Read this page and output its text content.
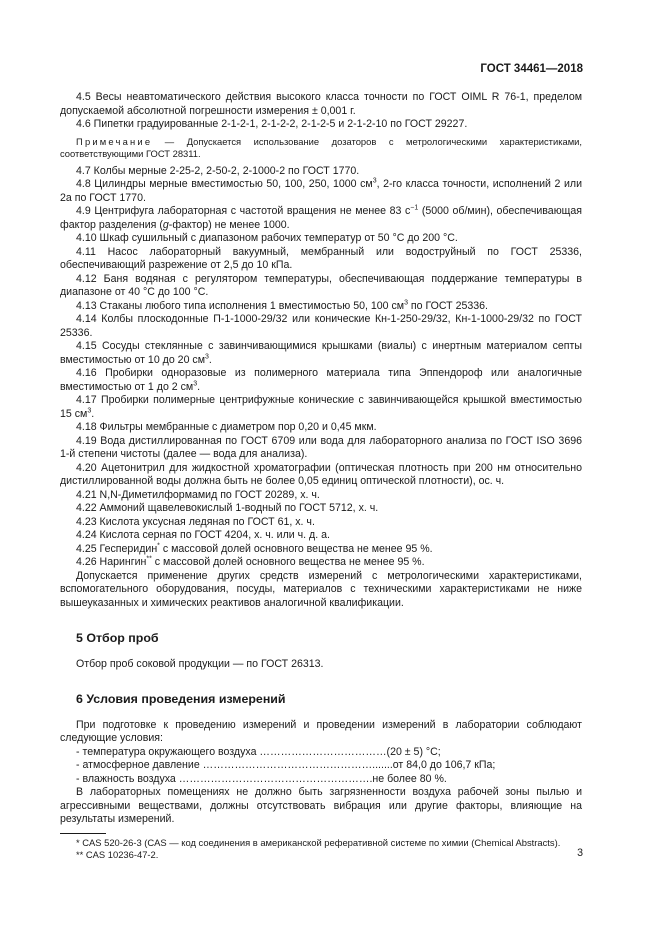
ГОСТ 34461—2018

4.5 Весы неавтоматического действия высокого класса точности по ГОСТ OIML R 76-1, пределом допускаемой абсолютной погрешности измерения ± 0,001 г.

4.6 Пипетки градуированные 2-1-2-1, 2-1-2-2, 2-1-2-5 и 2-1-2-10 по ГОСТ 29227.

Примечание — Допускается использование дозаторов с метрологическими характеристиками, соответствующими ГОСТ 28311.

4.7 Колбы мерные 2-25-2, 2-50-2, 2-1000-2 по ГОСТ 1770.

4.8 Цилиндры мерные вместимостью 50, 100, 250, 1000 $см^3$, 2-го класса точности, исполнений 2 или 2а по ГОСТ 1770.

4.9 Центрифуга лабораторная с частотой вращения не менее 83 $с^{-1}$ (5000 об/мин), обеспечивающая фактор разделения (g-фактор) не менее 1000.

4.10 Шкаф сушильный с диапазоном рабочих температур от 50 °С до 200 °С.

4.11 Насос лабораторный вакуумный, мембранный или водоструйный по ГОСТ 25336, обеспечивающий разрежение от 2,5 до 10 кПа.

4.12 Баня водяная с регулятором температуры, обеспечивающая поддержание температуры в диапазоне от 40 °С до 100 °С.

4.13 Стаканы любого типа исполнения 1 вместимостью 50, 100 $см^3$ по ГОСТ 25336.

4.14 Колбы плоскодонные П-1-1000-29/32 или конические Кн-1-250-29/32, Кн-1-1000-29/32 по ГОСТ 25336.

4.15 Сосуды стеклянные с завинчивающимися крышками (виалы) с инертным материалом септы вместимостью от 10 до 20 $см^3$.

4.16 Пробирки одноразовые из полимерного материала типа Эппендороф или аналогичные вместимостью от 1 до 2 $см^3$.

4.17 Пробирки полимерные центрифужные конические с завинчивающейся крышкой вместимостью 15 $см^3$.

4.18 Фильтры мембранные с диаметром пор 0,20 и 0,45 мкм.

4.19 Вода дистиллированная по ГОСТ 6709 или вода для лабораторного анализа по ГОСТ ISO 3696 1-й степени чистоты (далее — вода для анализа).

4.20 Ацетонитрил для жидкостной хроматографии (оптическая плотность при 200 нм относительно дистиллированной воды должна быть не более 0,05 единиц оптической плотности), ос. ч.

4.21 N,N-Диметилформамид по ГОСТ 20289, х. ч.

4.22 Аммоний щавелевокислый 1-водный по ГОСТ 5712, х. ч.

4.23 Кислота уксусная ледяная по ГОСТ 61, х. ч.

4.24 Кислота серная по ГОСТ 4204, х. ч. или ч. д. а.

4.25 Гесперидин* с массовой долей основного вещества не менее 95 %.

4.26 Нарингин** с массовой долей основного вещества не менее 95 %.

Допускается применение других средств измерений с метрологическими характеристиками, вспомогательного оборудования, посуды, материалов с техническими характеристиками не ниже вышеуказанных и химических реактивов аналогичной квалификации.

5 Отбор проб

Отбор проб соковой продукции — по ГОСТ 26313.

6 Условия проведения измерений

При подготовке к проведению измерений и проведении измерений в лаборатории соблюдают следующие условия:

- температура окружающего воздуха ………………………………(20 ± 5) °С;

- атмосферное давление ………………………………………….......от 84,0 до 106,7 кПа;

- влажность воздуха ……………………………………………….не более 80 %.

В лабораторных помещениях не должно быть загрязненности воздуха рабочей зоны пылью и агрессивными веществами, должны отсутствовать вибрация или другие факторы, влияющие на результаты измерений.

* CAS 520-26-3 (CAS — код соединения в американской реферативной системе по химии (Chemical Abstracts).

** CAS 10236-47-2.	3
